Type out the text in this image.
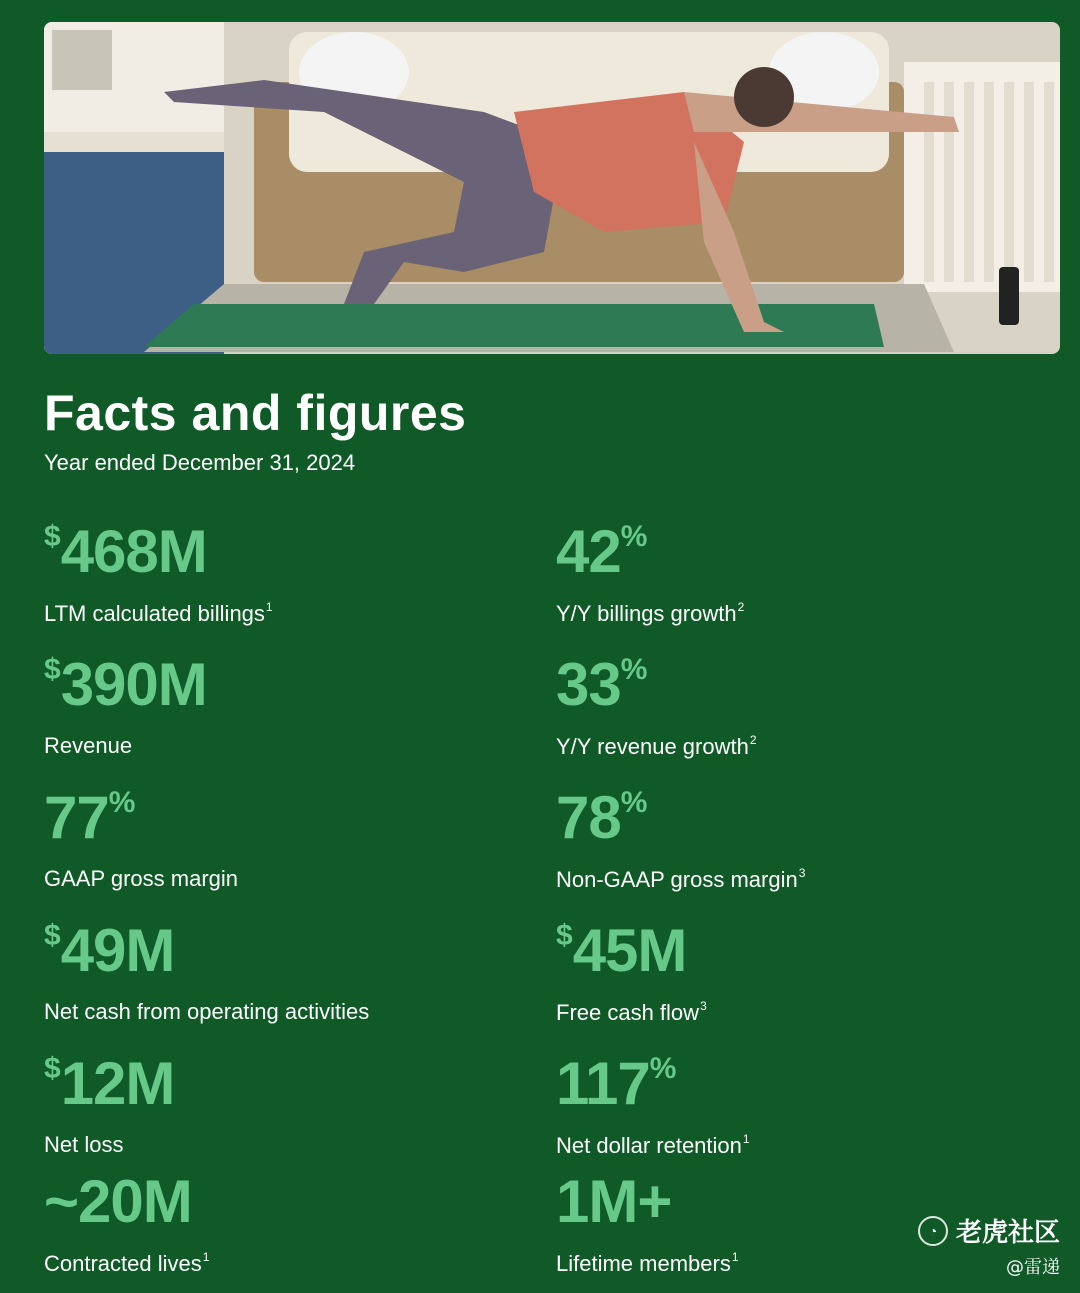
Facts and figures
Year ended December 31, 2024
$468M
LTM calculated billings$^1$
42%
Y/Y billings growth$^2$
$390M
Revenue
33%
Y/Y revenue growth$^2$
77%
GAAP gross margin
78%
Non-GAAP gross margin$^3$
$49M
Net cash from operating activities
$45M
Free cash flow$^3$
$12M
Net loss
117%
Net dollar retention$^1$
~20M
Contracted lives$^1$
1M+
Lifetime members$^1$
◔ 老虎社区
@雷递
